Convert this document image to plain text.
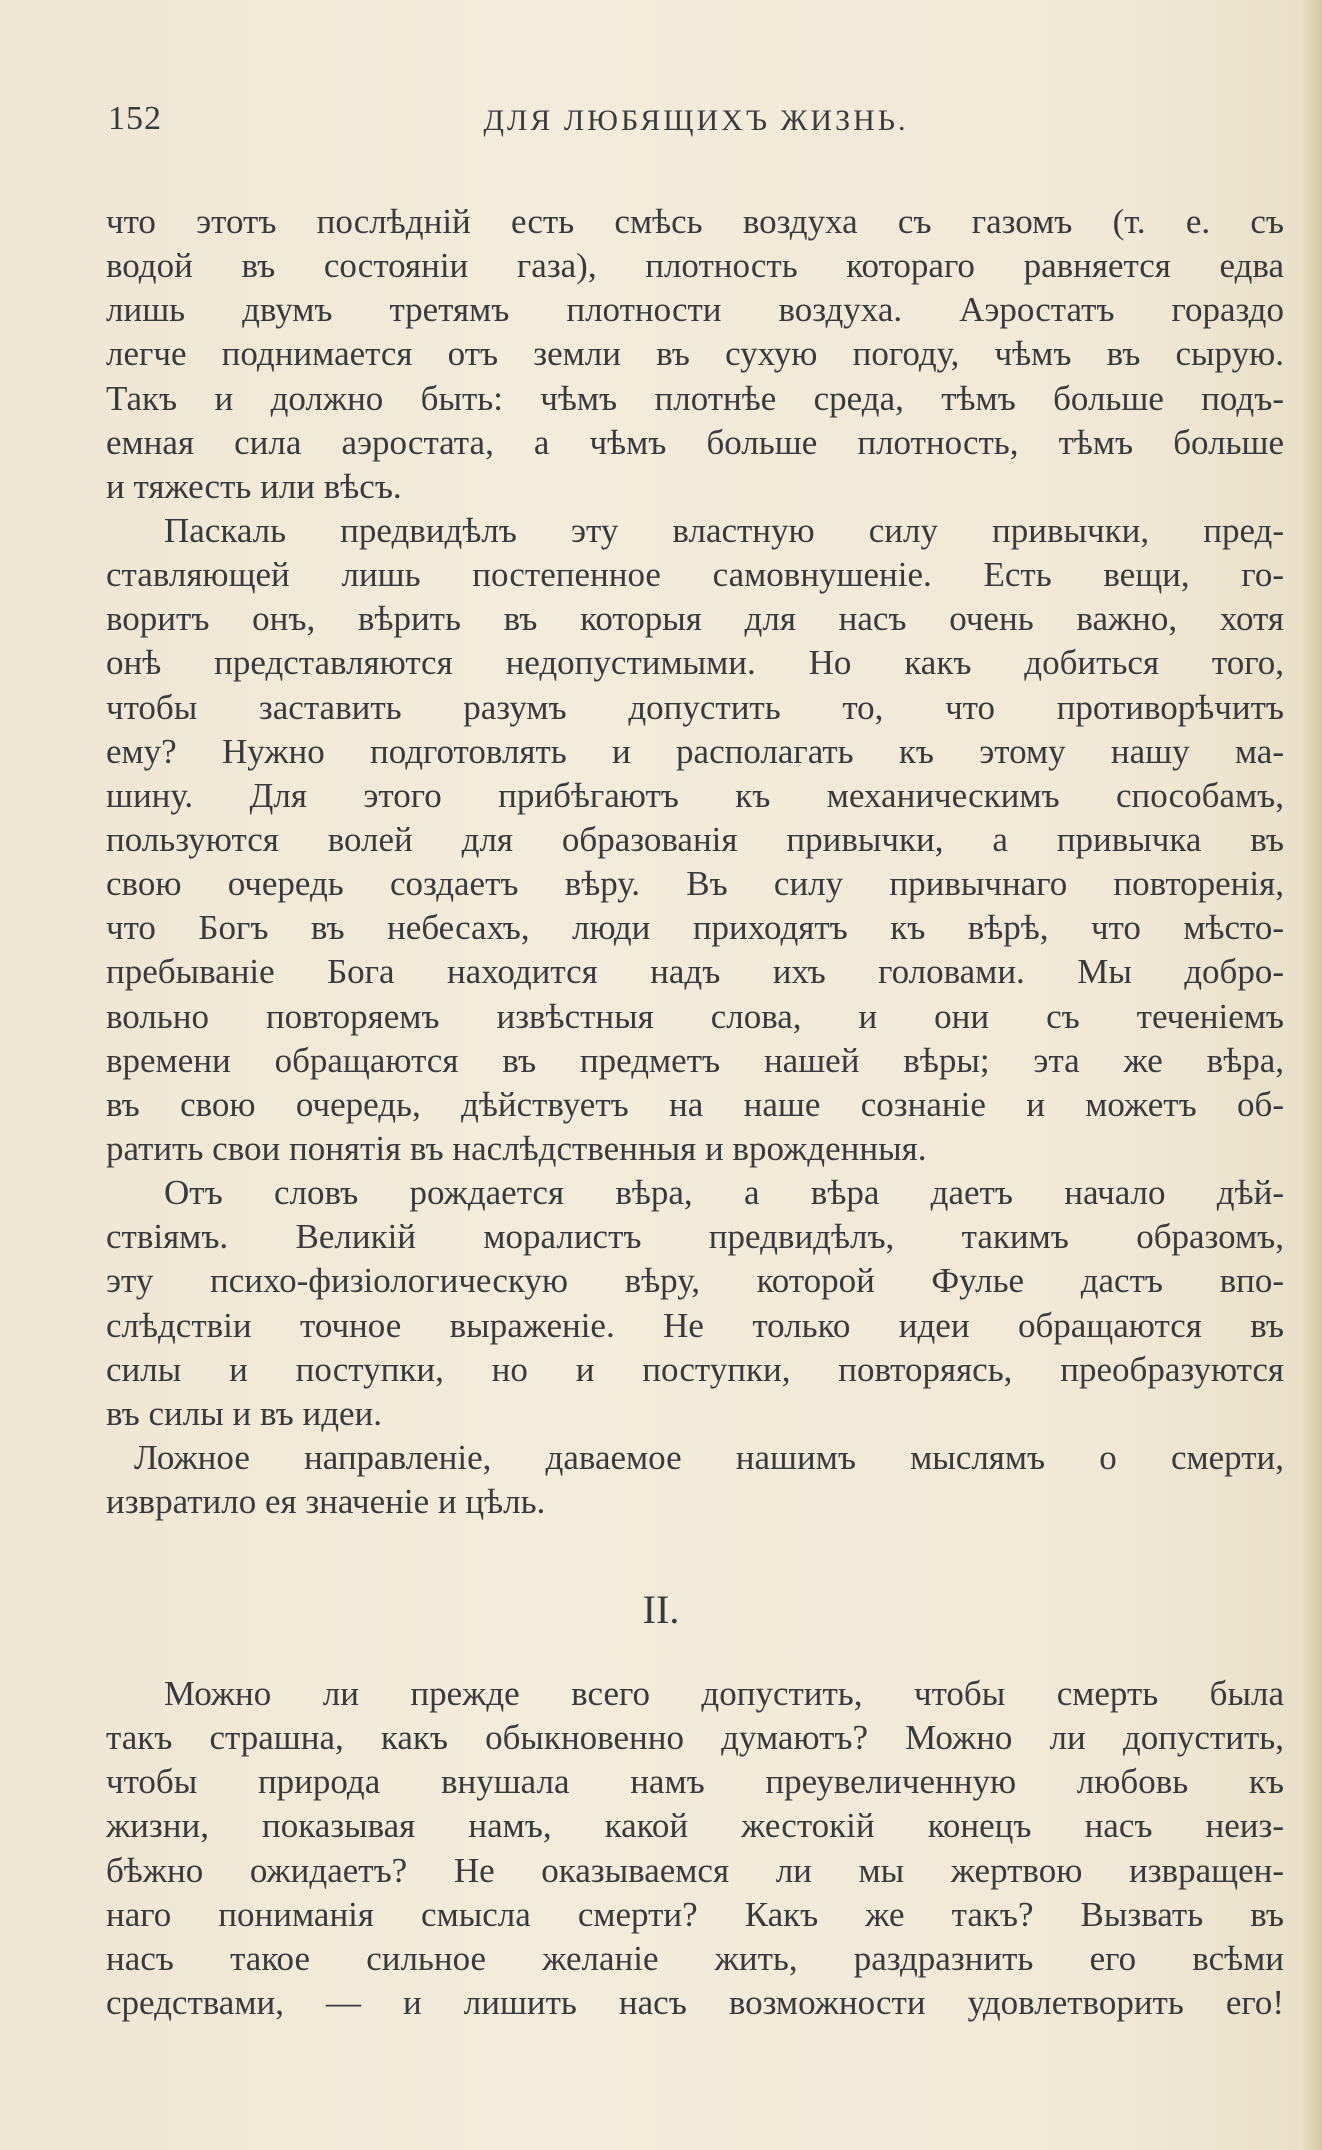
152	ДЛЯ ЛЮБЯЩИХЪ ЖИЗНЬ.
что этотъ послѣднiй есть смѣсь воздуха съ газомъ (т. е. съ
водой въ состоянiи газа), плотность котораго равняется едва
лишь двумъ третямъ плотности воздуха. Аэростатъ гораздо
легче поднимается отъ земли въ сухую погоду, чѣмъ въ сырую.
Такъ и должно быть: чѣмъ плотнѣе среда, тѣмъ больше подъ-
емная сила аэростата, а чѣмъ больше плотность, тѣмъ больше
и тяжесть или вѣсъ.
Паскаль предвидѣлъ эту властную силу привычки, пред-
ставляющей лишь постепенное самовнушенiе. Есть вещи, го-
воритъ онъ, вѣрить въ которыя для насъ очень важно, хотя
онѣ представляются недопустимыми. Но какъ добиться того,
чтобы заставить разумъ допустить то, что противорѣчитъ
ему? Нужно подготовлять и располагать къ этому нашу ма-
шину. Для этого прибѣгаютъ къ механическимъ способамъ,
пользуются волей для образованiя привычки, а привычка въ
свою очередь создаетъ вѣру. Въ силу привычнаго повторенiя,
что Богъ въ небесахъ, люди приходятъ къ вѣрѣ, что мѣсто-
пребыванiе Бога находится надъ ихъ головами. Мы добро-
вольно повторяемъ извѣстныя слова, и они съ теченiемъ
времени обращаются въ предметъ нашей вѣры; эта же вѣра,
въ свою очередь, дѣйствуетъ на наше сознанiе и можетъ об-
ратить свои понятiя въ наслѣдственныя и врожденныя.
Отъ словъ рождается вѣра, а вѣра даетъ начало дѣй-
ствiямъ. Великiй моралистъ предвидѣлъ, такимъ образомъ,
эту психо-физiологическую вѣру, которой Фулье дастъ впо-
слѣдствiи точное выраженiе. Не только идеи обращаются въ
силы и поступки, но и поступки, повторяясь, преобразуются
въ силы и въ идеи.
Ложное направленiе, даваемое нашимъ мыслямъ о смерти,
извратило ея значенiе и цѣль.
II.
Можно ли прежде всего допустить, чтобы смерть была
такъ страшна, какъ обыкновенно думаютъ? Можно ли допустить,
чтобы природа внушала намъ преувеличенную любовь къ
жизни, показывая намъ, какой жестокiй конецъ насъ неиз-
бѣжно ожидаетъ? Не оказываемся ли мы жертвою извращен-
наго пониманiя смысла смерти? Какъ же такъ? Вызвать въ
насъ такое сильное желанiе жить, раздразнить его всѣми
средствами, — и лишить насъ возможности удовлетворить его!
